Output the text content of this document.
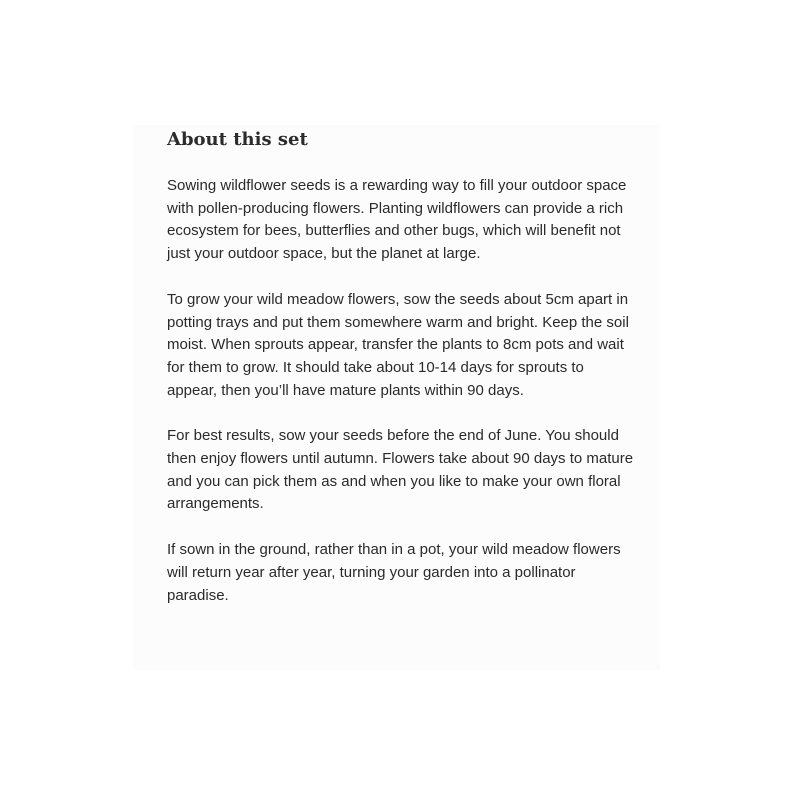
About this set

Sowing wildflower seeds is a rewarding way to fill your outdoor space with pollen-producing flowers. Planting wildflowers can provide a rich ecosystem for bees, butterflies and other bugs, which will benefit not just your outdoor space, but the planet at large.

To grow your wild meadow flowers, sow the seeds about 5cm apart in potting trays and put them somewhere warm and bright. Keep the soil moist. When sprouts appear, transfer the plants to 8cm pots and wait for them to grow. It should take about 10-14 days for sprouts to appear, then you’ll have mature plants within 90 days.

For best results, sow your seeds before the end of June. You should then enjoy flowers until autumn. Flowers take about 90 days to mature and you can pick them as and when you like to make your own floral arrangements.

If sown in the ground, rather than in a pot, your wild meadow flowers will return year after year, turning your garden into a pollinator paradise.
